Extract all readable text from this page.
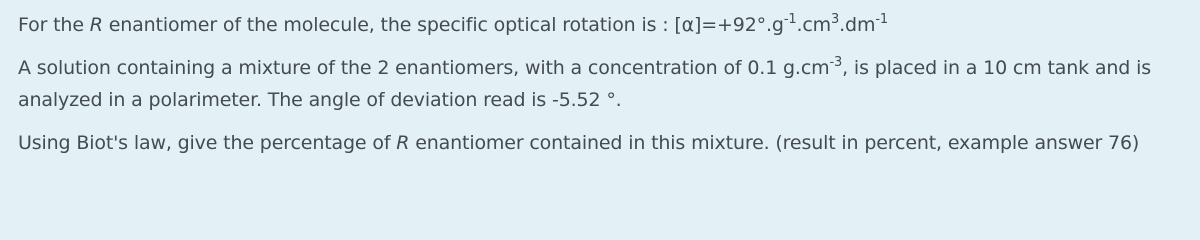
For the R enantiomer of the molecule, the specific optical rotation is : $[\alpha]=+92^\circ.g^{-1}.cm^3.dm^{-1}$

A solution containing a mixture of the 2 enantiomers, with a concentration of 0.1 $g.cm^{-3}$, is placed in a 10 cm tank and is

analyzed in a polarimeter. The angle of deviation read is -5.52 °.

Using Biot's law, give the percentage of R enantiomer contained in this mixture. (result in percent, example answer 76)
